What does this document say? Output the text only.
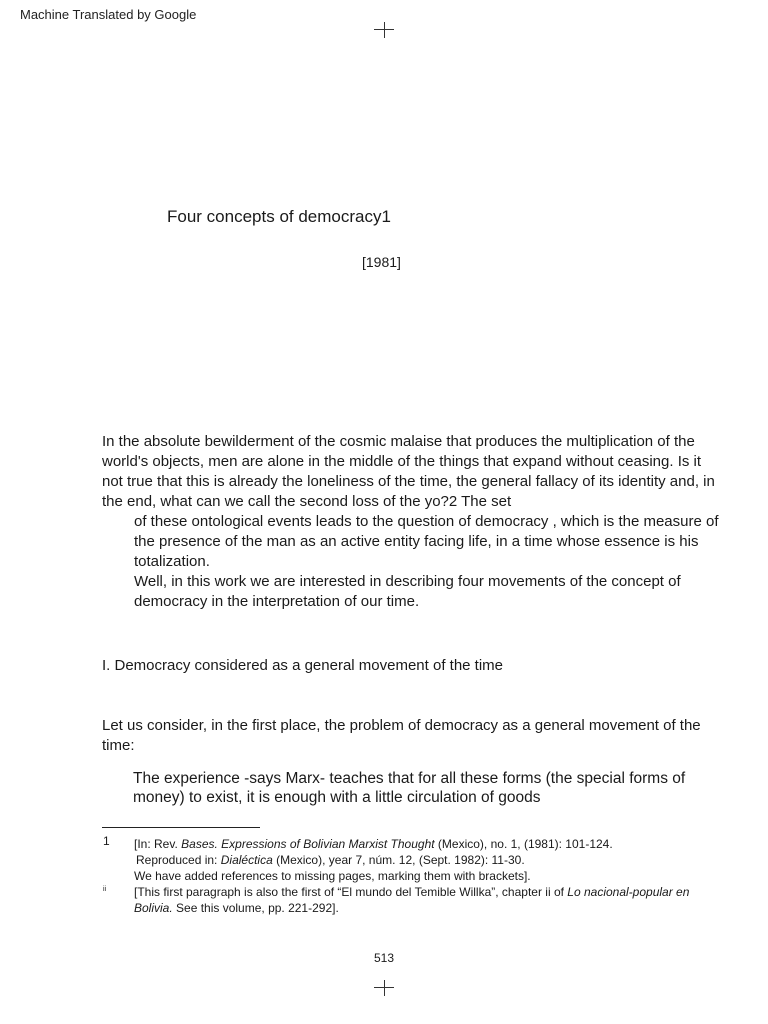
Machine Translated by Google
Four concepts of democracy1
[1981]

In the absolute bewilderment of the cosmic malaise that produces the multiplication of the world's objects, men are alone in the middle of the things that expand without ceasing. Is it not true that this is already the loneliness of the time, the general fallacy of its identity and, in the end, what can we call the second loss of the yo?2 The set

of these ontological events leads to the question of democracy , which is the measure of the presence of the man as an active entity facing life, in a time whose essence is his totalization.

Well, in this work we are interested in describing four movements of the concept of democracy in the interpretation of our time.

I. Democracy considered as a general movement of the time
Let us consider, in the first place, the problem of democracy as a general movement of the time:
The experience -says Marx- teaches that for all these forms (the special forms of money) to exist, it is enough with a little circulation of goods
1 [In: Rev. Bases. Expressions of Bolivian Marxist Thought (Mexico), no. 1, (1981): 101-124.
Reproduced in: Dialéctica (Mexico), year 7, núm. 12, (Sept. 1982): 11-30.
We have added references to missing pages, marking them with brackets].
ii [This first paragraph is also the first of “El mundo del Temible Willka”, chapter ii of Lo nacional-popular en Bolivia. See this volume, pp. 221-292].
513
